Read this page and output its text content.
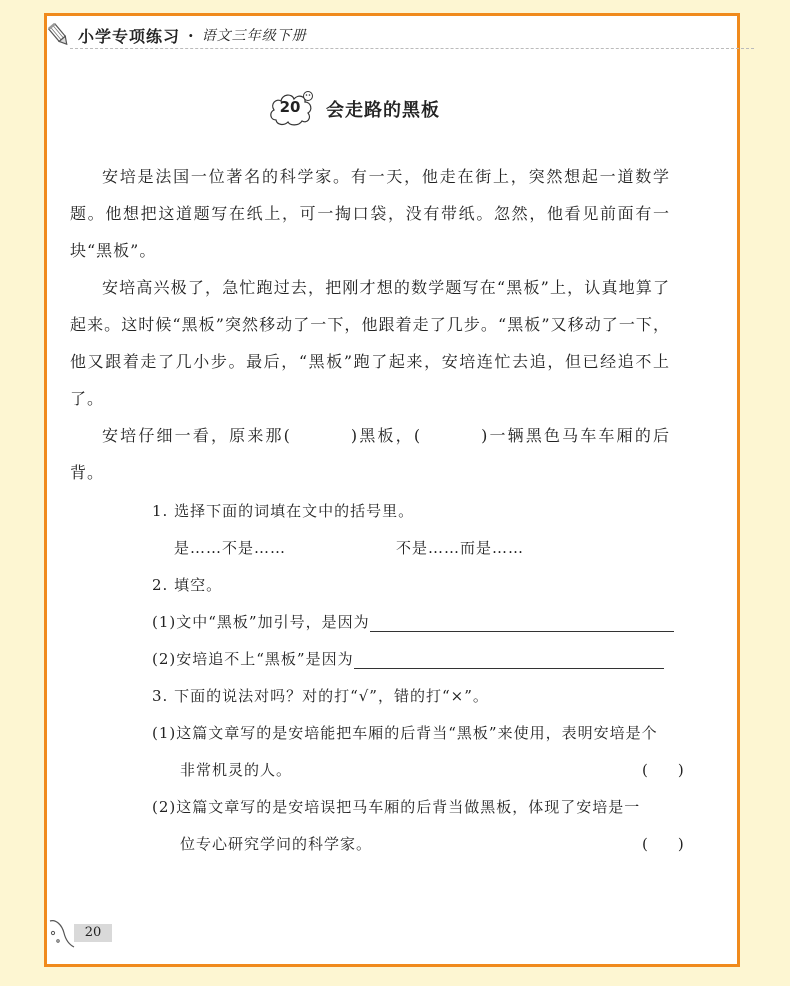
小学专项练习 · 语文三年级下册
20	会走路的黑板

安培是法国一位著名的科学家。有一天，他走在街上，突然想起一道数学题。他想把这道题写在纸上，可一掏口袋，没有带纸。忽然，他看见前面有一块“黑板”。

安培高兴极了，急忙跑过去，把刚才想的数学题写在“黑板”上，认真地算了起来。这时候“黑板”突然移动了一下，他跟着走了几步。“黑板”又移动了一下，他又跟着走了几小步。最后，“黑板”跑了起来，安培连忙去追，但已经追不上了。

安培仔细一看，原来那(	)黑板，(	)一辆黑色马车车厢的后背。

1. 选择下面的词填在文中的括号里。
是……不是……	不是……而是……
2. 填空。
(1)文中“黑板”加引号，是因为
(2)安培追不上“黑板”是因为
3. 下面的说法对吗？对的打“√”，错的打“×”。
(1)这篇文章写的是安培能把车厢的后背当“黑板”来使用，表明安培是个
非常机灵的人。	(　　)
(2)这篇文章写的是安培误把马车厢的后背当做黑板，体现了安培是一
位专心研究学问的科学家。	(　　)
20
